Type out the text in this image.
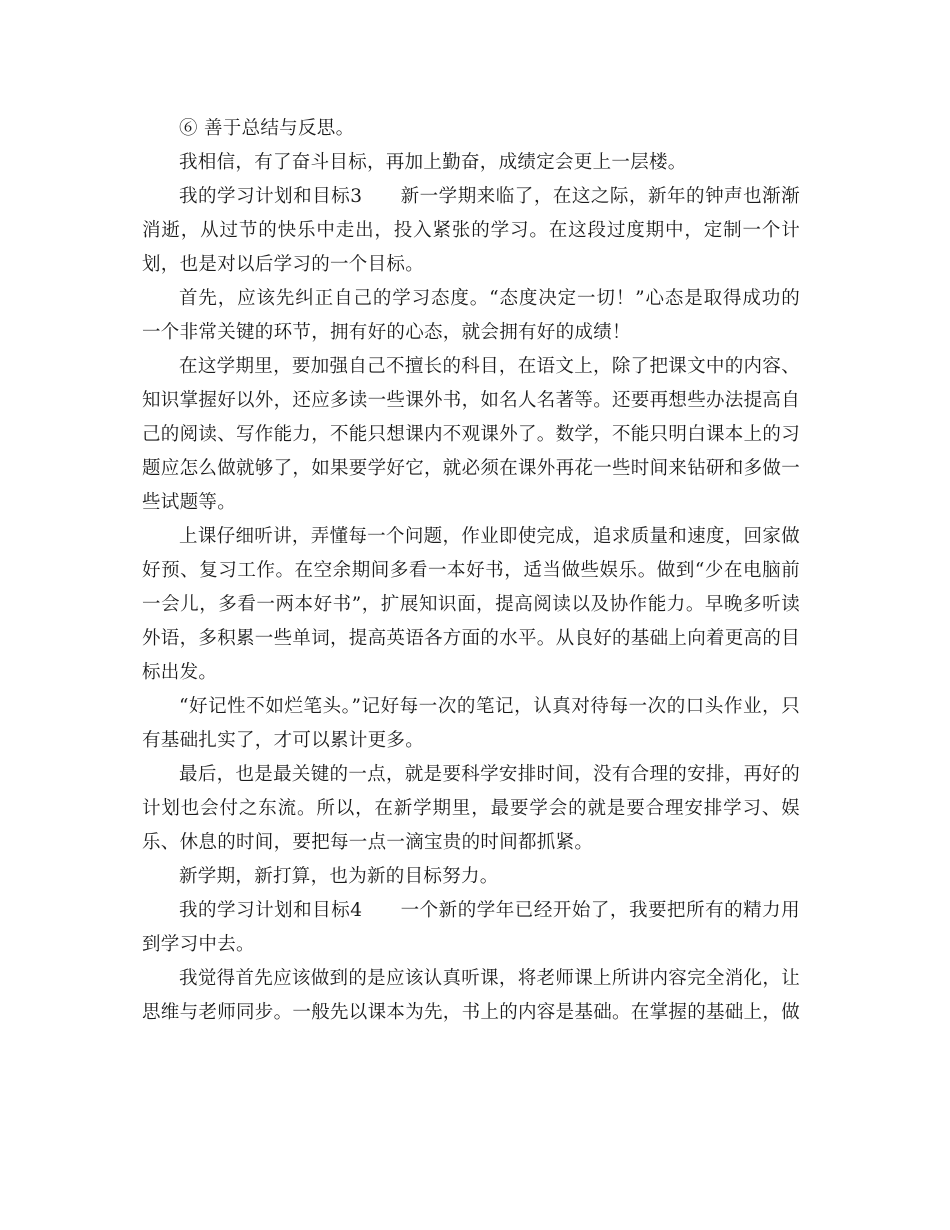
⑥ 善于总结与反思。

我相信，有了奋斗目标，再加上勤奋，成绩定会更上一层楼。

我的学习计划和目标3　　新一学期来临了，在这之际，新年的钟声也渐渐消逝，从过节的快乐中走出，投入紧张的学习。在这段过度期中，定制一个计划，也是对以后学习的一个目标。

首先，应该先纠正自己的学习态度。“态度决定一切！”心态是取得成功的一个非常关键的环节，拥有好的心态，就会拥有好的成绩！

在这学期里，要加强自己不擅长的科目，在语文上，除了把课文中的内容、知识掌握好以外，还应多读一些课外书，如名人名著等。还要再想些办法提高自己的阅读、写作能力，不能只想课内不观课外了。数学，不能只明白课本上的习题应怎么做就够了，如果要学好它，就必须在课外再花一些时间来钻研和多做一些试题等。

上课仔细听讲，弄懂每一个问题，作业即使完成，追求质量和速度，回家做好预、复习工作。在空余期间多看一本好书，适当做些娱乐。做到“少在电脑前一会儿，多看一两本好书”，扩展知识面，提高阅读以及协作能力。早晚多听读外语，多积累一些单词，提高英语各方面的水平。从良好的基础上向着更高的目标出发。

“好记性不如烂笔头。”记好每一次的笔记，认真对待每一次的口头作业，只有基础扎实了，才可以累计更多。

最后，也是最关键的一点，就是要科学安排时间，没有合理的安排，再好的计划也会付之东流。所以，在新学期里，最要学会的就是要合理安排学习、娱乐、休息的时间，要把每一点一滴宝贵的时间都抓紧。

新学期，新打算，也为新的目标努力。

我的学习计划和目标4　　一个新的学年已经开始了，我要把所有的精力用到学习中去。

我觉得首先应该做到的是应该认真听课，将老师课上所讲内容完全消化，让思维与老师同步。一般先以课本为先，书上的内容是基础。在掌握的基础上，做
